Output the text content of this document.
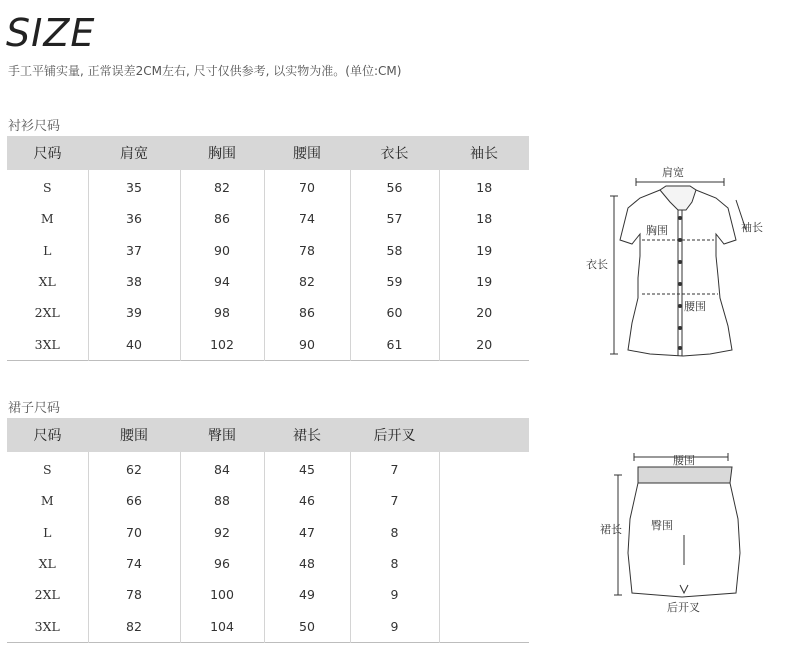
SIZE
手工平铺实量, 正常误差2CM左右, 尺寸仅供参考, 以实物为准。(单位:CM)
衬衫尺码
尺码	肩宽	胸围	腰围	衣长	袖长
S	35	82	70	56	18
M	36	86	74	57	18
L	37	90	78	58	19
XL	38	94	82	59	19
2XL	39	98	86	60	20
3XL	40	102	90	61	20
裙子尺码
尺码	腰围	臀围	裙长	后开叉	
S	62	84	45	7	
M	66	88	46	7	
L	70	92	47	8	
XL	74	96	48	8	
2XL	78	100	49	9	
3XL	82	104	50	9	
肩宽
袖长
胸围
衣长
腰围
腰围
臀围
裙长
后开叉
